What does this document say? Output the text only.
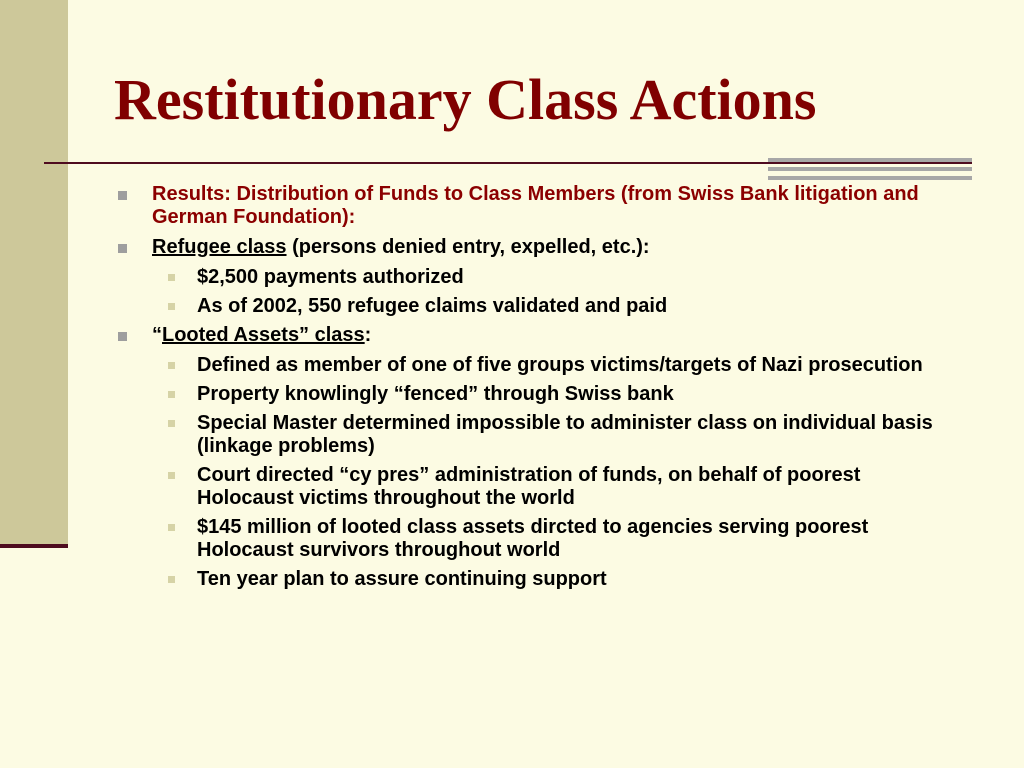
Restitutionary Class Actions
Results: Distribution of Funds to Class Members (from Swiss Bank litigation and German Foundation):
Refugee class (persons denied entry, expelled, etc.):
$2,500 payments authorized
As of 2002, 550 refugee claims validated and paid
“Looted Assets” class:
Defined as member of one of five groups victims/targets of Nazi prosecution
Property knowlingly “fenced” through Swiss bank
Special Master determined impossible to administer class on individual basis (linkage problems)
Court directed “cy pres” administration of funds, on behalf of poorest Holocaust victims throughout the world
$145 million of looted class assets dircted to agencies serving poorest Holocaust survivors throughout world
Ten year plan to assure continuing support
